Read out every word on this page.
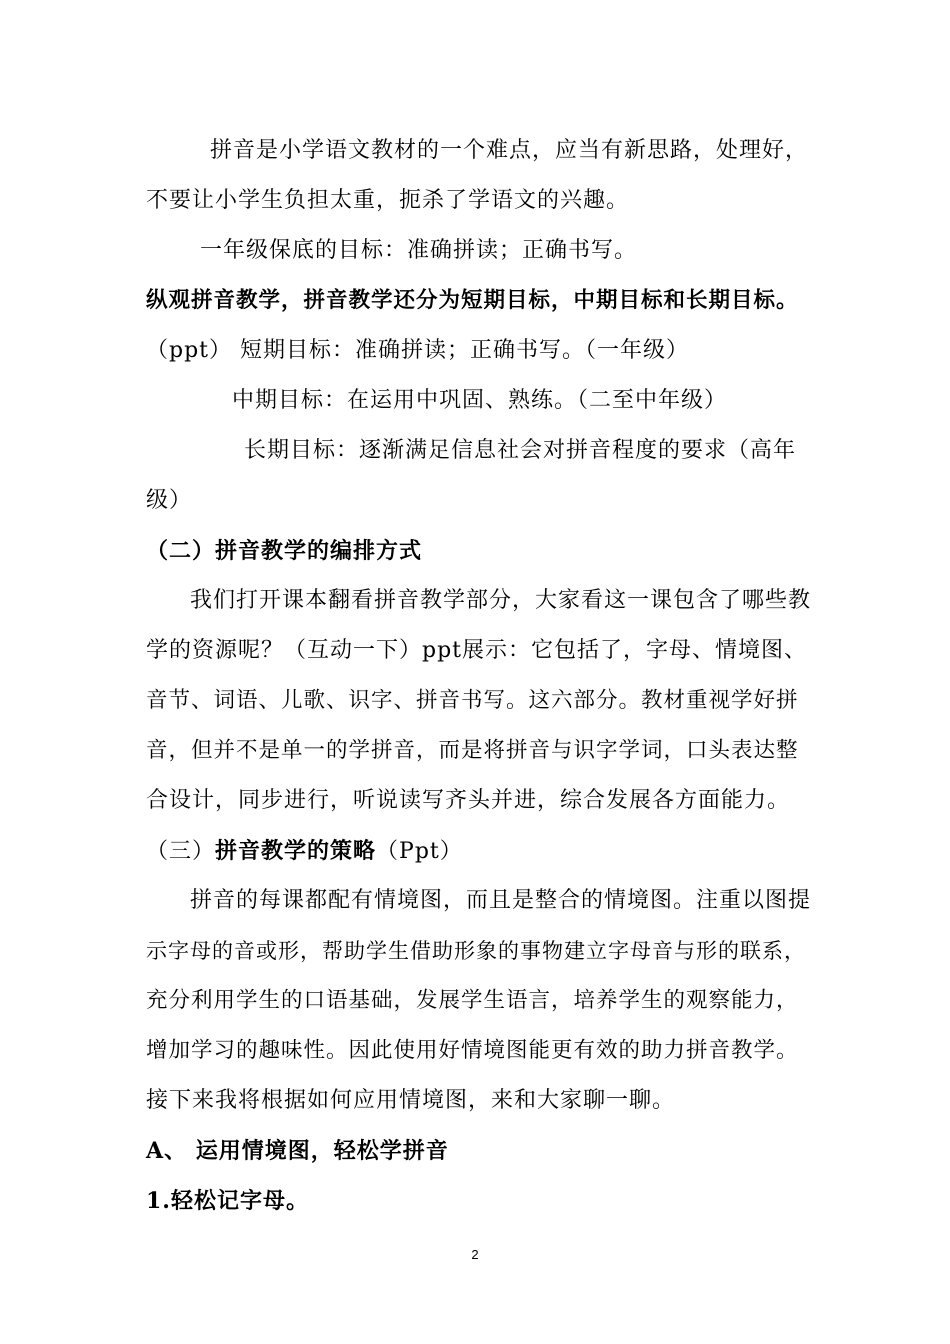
拼音是小学语文教材的一个难点，应当有新思路，处理好，
不要让小学生负担太重，扼杀了学语文的兴趣。
一年级保底的目标：准确拼读；正确书写。
纵观拼音教学，拼音教学还分为短期目标，中期目标和长期目标。
（ppt） 短期目标：准确拼读；正确书写。（一年级）
中期目标：在运用中巩固、熟练。（二至中年级）
长期目标：逐渐满足信息社会对拼音程度的要求（高年
级）
（二）拼音教学的编排方式
我们打开课本翻看拼音教学部分，大家看这一课包含了哪些教
学的资源呢？（互动一下）ppt展示：它包括了，字母、情境图、
音节、词语、儿歌、识字、拼音书写。这六部分。教材重视学好拼
音，但并不是单一的学拼音，而是将拼音与识字学词，口头表达整
合设计，同步进行，听说读写齐头并进，综合发展各方面能力。
（三）拼音教学的策略（Ppt）
拼音的每课都配有情境图，而且是整合的情境图。注重以图提
示字母的音或形，帮助学生借助形象的事物建立字母音与形的联系，
充分利用学生的口语基础，发展学生语言，培养学生的观察能力，
增加学习的趣味性。因此使用好情境图能更有效的助力拼音教学。
接下来我将根据如何应用情境图，来和大家聊一聊。
A、 运用情境图，轻松学拼音
1.轻松记字母。
2
